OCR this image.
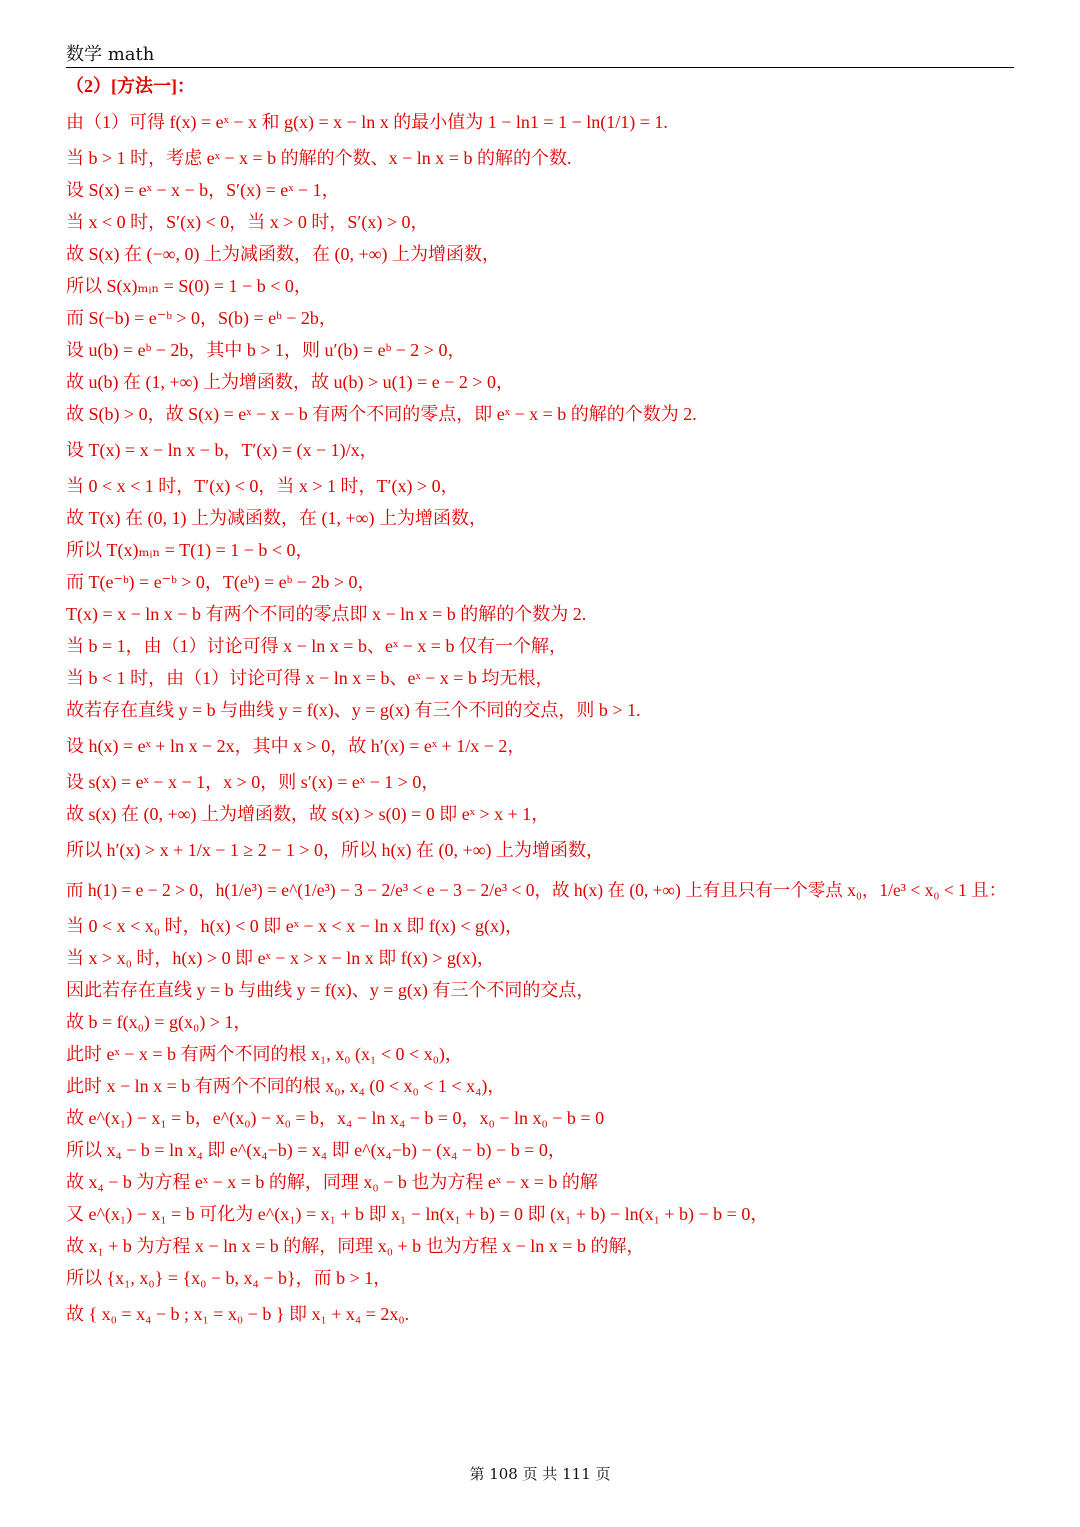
数学 math
（2）[方法一]：
由（1）可得 f(x) = eˣ − x 和 g(x) = x − ln x 的最小值为 1 − ln1 = 1 − ln(1/1) = 1.
当 b > 1 时，考虑 eˣ − x = b 的解的个数、x − ln x = b 的解的个数.
设 S(x) = eˣ − x − b，S′(x) = eˣ − 1，
当 x < 0 时，S′(x) < 0，当 x > 0 时，S′(x) > 0，
故 S(x) 在 (−∞, 0) 上为减函数，在 (0, +∞) 上为增函数，
所以 S(x)ₘᵢₙ = S(0) = 1 − b < 0，
而 S(−b) = e⁻ᵇ > 0，S(b) = eᵇ − 2b，
设 u(b) = eᵇ − 2b，其中 b > 1，则 u′(b) = eᵇ − 2 > 0，
故 u(b) 在 (1, +∞) 上为增函数，故 u(b) > u(1) = e − 2 > 0，
故 S(b) > 0，故 S(x) = eˣ − x − b 有两个不同的零点，即 eˣ − x = b 的解的个数为 2.
设 T(x) = x − ln x − b，T′(x) = (x − 1)/x，
当 0 < x < 1 时，T′(x) < 0，当 x > 1 时，T′(x) > 0，
故 T(x) 在 (0, 1) 上为减函数，在 (1, +∞) 上为增函数，
所以 T(x)ₘᵢₙ = T(1) = 1 − b < 0，
而 T(e⁻ᵇ) = e⁻ᵇ > 0，T(eᵇ) = eᵇ − 2b > 0，
T(x) = x − ln x − b 有两个不同的零点即 x − ln x = b 的解的个数为 2.
当 b = 1，由（1）讨论可得 x − ln x = b、eˣ − x = b 仅有一个解，
当 b < 1 时，由（1）讨论可得 x − ln x = b、eˣ − x = b 均无根，
故若存在直线 y = b 与曲线 y = f(x)、y = g(x) 有三个不同的交点，则 b > 1.
设 h(x) = eˣ + ln x − 2x，其中 x > 0，故 h′(x) = eˣ + 1/x − 2，
设 s(x) = eˣ − x − 1，x > 0，则 s′(x) = eˣ − 1 > 0，
故 s(x) 在 (0, +∞) 上为增函数，故 s(x) > s(0) = 0 即 eˣ > x + 1，
所以 h′(x) > x + 1/x − 1 ≥ 2 − 1 > 0，所以 h(x) 在 (0, +∞) 上为增函数，
而 h(1) = e − 2 > 0，h(1/e³) = e^(1/e³) − 3 − 2/e³ < e − 3 − 2/e³ < 0，故 h(x) 在 (0, +∞) 上有且只有一个零点 x₀，1/e³ < x₀ < 1 且：
当 0 < x < x₀ 时，h(x) < 0 即 eˣ − x < x − ln x 即 f(x) < g(x)，
当 x > x₀ 时，h(x) > 0 即 eˣ − x > x − ln x 即 f(x) > g(x)，
因此若存在直线 y = b 与曲线 y = f(x)、y = g(x) 有三个不同的交点，
故 b = f(x₀) = g(x₀) > 1，
此时 eˣ − x = b 有两个不同的根 x₁, x₀ (x₁ < 0 < x₀)，
此时 x − ln x = b 有两个不同的根 x₀, x₄ (0 < x₀ < 1 < x₄)，
故 e^(x₁) − x₁ = b，e^(x₀) − x₀ = b，x₄ − ln x₄ − b = 0，x₀ − ln x₀ − b = 0
所以 x₄ − b = ln x₄ 即 e^(x₄−b) = x₄ 即 e^(x₄−b) − (x₄ − b) − b = 0，
故 x₄ − b 为方程 eˣ − x = b 的解，同理 x₀ − b 也为方程 eˣ − x = b 的解
又 e^(x₁) − x₁ = b 可化为 e^(x₁) = x₁ + b 即 x₁ − ln(x₁ + b) = 0 即 (x₁ + b) − ln(x₁ + b) − b = 0，
故 x₁ + b 为方程 x − ln x = b 的解，同理 x₀ + b 也为方程 x − ln x = b 的解，
所以 {x₁, x₀} = {x₀ − b, x₄ − b}，而 b > 1，
故 { x₀ = x₄ − b ; x₁ = x₀ − b } 即 x₁ + x₄ = 2x₀.
第 108 页 共 111 页
